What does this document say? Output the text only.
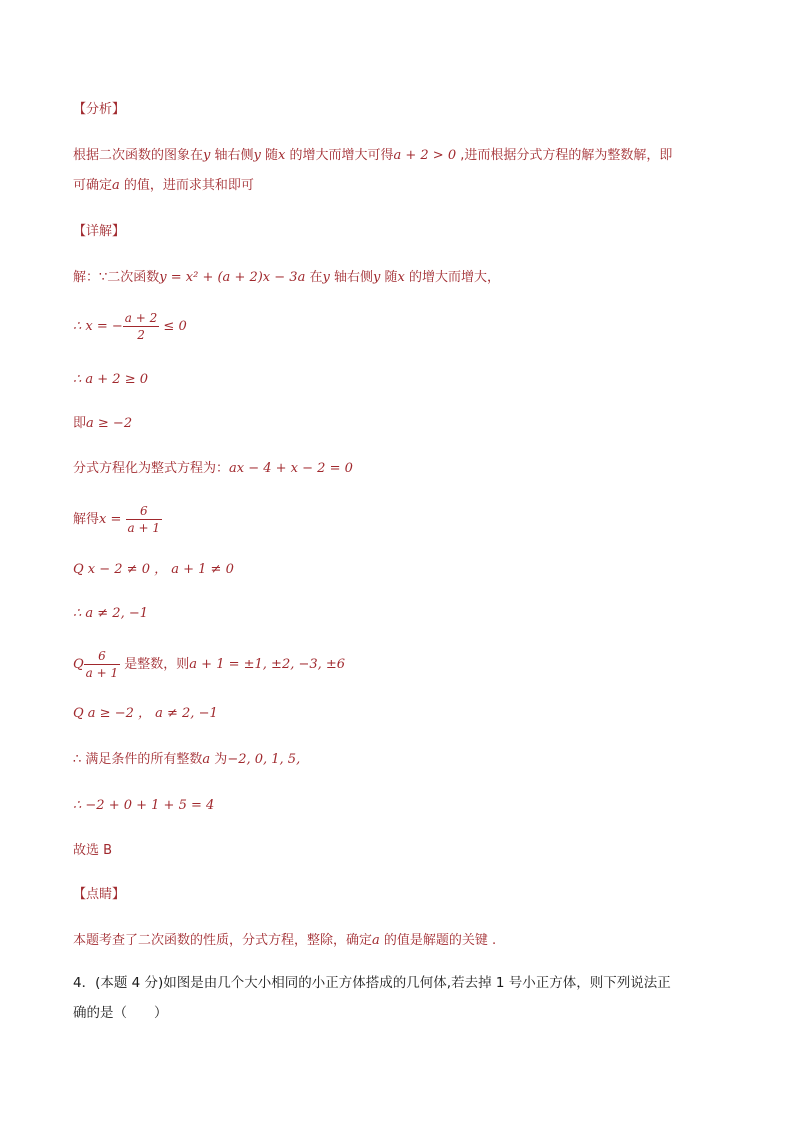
【分析】
根据二次函数的图象在y 轴右侧y 随x 的增大而增大可得a + 2 > 0 ,进而根据分式方程的解为整数解，即
可确定a 的值，进而求其和即可
【详解】
解：∵二次函数y = x² + (a + 2)x − 3a 在y 轴右侧y 随x 的增大而增大，
∴ x = − $\frac{a + 2}{2} \le 0$
∴ a + 2 ≥ 0
即a ≥ −2
分式方程化为整式方程为：ax − 4 + x − 2 = 0
解得$x = \frac{6}{a + 1}$
Q x − 2 ≠ 0 ， a + 1 ≠ 0
∴ a ≠ 2, −1
Q $\frac{6}{a + 1}$ 是整数，则a + 1 = ±1, ±2, −3, ±6
Q a ≥ −2 ， a ≠ 2, −1
∴ 满足条件的所有整数a 为−2, 0, 1, 5,
∴ −2 + 0 + 1 + 5 = 4
故选 B
【点睛】
本题考查了二次函数的性质，分式方程，整除，确定a 的值是解题的关键 .
4．(本题 4 分)如图是由几个大小相同的小正方体搭成的几何体,若去掉 1 号小正方体，则下列说法正
确的是（　　）
